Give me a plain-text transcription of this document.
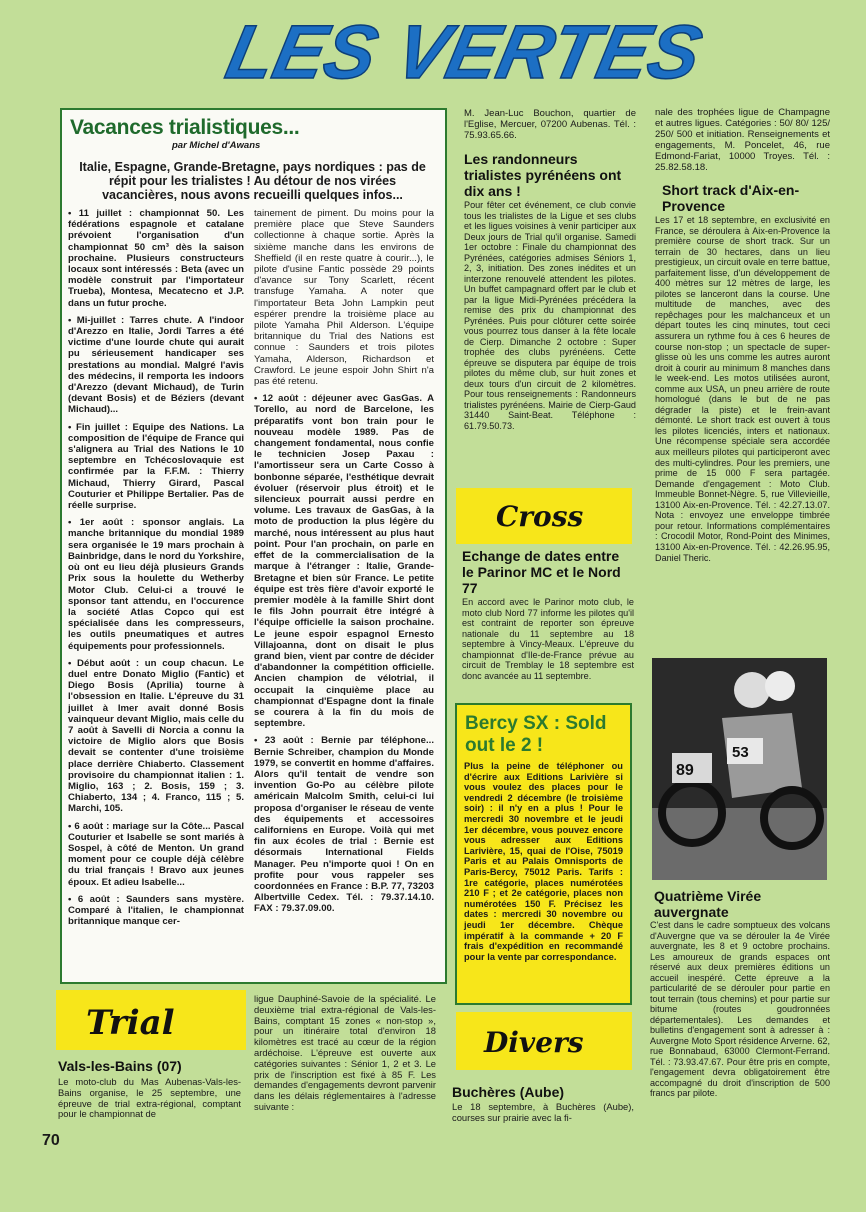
LES VERTES
Vacances trialistiques...
par Michel d'Awans
Italie, Espagne, Grande-Bretagne, pays nordiques : pas de répit pour les trialistes ! Au détour de nos virées vacancières, nous avons recueilli quelques infos...

• 11 juillet : championnat 50. Les fédérations espagnole et catalane prévoient l'organisation d'un championnat 50 cm³ dès la saison prochaine. Plusieurs constructeurs locaux sont intéressés : Beta (avec un modèle construit par l'importateur Trueba), Montesa, Mecatecno et J.P. dans un futur proche.

• Mi-juillet : Tarres chute. A l'indoor d'Arezzo en Italie, Jordi Tarres a été victime d'une lourde chute qui aurait pu sérieusement handicaper ses prestations au mondial. Malgré l'avis des médecins, il remporta les indoors d'Arezzo (devant Michaud), de Turin (devant Bosis) et de Béziers (devant Michaud)...

• Fin juillet : Equipe des Nations. La composition de l'équipe de France qui s'alignera au Trial des Nations le 10 septembre en Tchécoslovaquie est confirmée par la F.F.M. : Thierry Michaud, Thierry Girard, Pascal Couturier et Philippe Bertalier. Pas de réelle surprise.

• 1er août : sponsor anglais. La manche britannique du mondial 1989 sera organisée le 19 mars prochain à Bainbridge, dans le nord du Yorkshire, où ont eu lieu déjà plusieurs Grands Prix sous la houlette du Wetherby Motor Club. Celui-ci a trouvé le sponsor tant attendu, en l'occurence la société Atlas Copco qui est spécialisée dans les compresseurs, les outils pneumatiques et autres équipements pour professionnels.

• Début août : un coup chacun. Le duel entre Donato Miglio (Fantic) et Diego Bosis (Aprilia) tourne à l'obsession en Italie. L'épreuve du 31 juillet à Imer avait donné Bosis vainqueur devant Miglio, mais celle du 7 août à Savelli di Norcia a connu la victoire de Miglio alors que Bosis devait se contenter d'une troisième place derrière Chiaberto. Classement provisoire du championnat italien : 1. Miglio, 163 ; 2. Bosis, 159 ; 3. Chiaberto, 134 ; 4. Franco, 115 ; 5. Marchi, 105.

• 6 août : mariage sur la Côte... Pascal Couturier et Isabelle se sont mariés à Sospel, à côté de Menton. Un grand moment pour ce couple déjà célèbre du trial français ! Bravo aux jeunes époux. Et adieu Isabelle...

• 6 août : Saunders sans mystère. Comparé à l'italien, le championnat britannique manque cer-

tainement de piment. Du moins pour la première place que Steve Saunders collectionne à chaque sortie. Après la sixième manche dans les environs de Sheffield (il en reste quatre à courir...), le pilote d'usine Fantic possède 29 points d'avance sur Tony Scarlett, récent transfuge Yamaha. A noter que l'importateur Beta John Lampkin peut espérer prendre la troisième place au pilote Yamaha Phil Alderson. L'équipe britannique du Trial des Nations est connue : Saunders et trois pilotes Yamaha, Alderson, Richardson et Crawford. Le jeune espoir John Shirt n'a pas été retenu.

• 12 août : déjeuner avec GasGas. A Torello, au nord de Barcelone, les préparatifs vont bon train pour le nouveau modèle 1989. Pas de changement fondamental, nous confie le technicien Josep Paxau : l'amortisseur sera un Carte Cosso à bonbonne séparée, l'esthétique devrait évoluer (réservoir plus étroit) et le silencieux pourrait aussi perdre en volume. Les travaux de GasGas, à la moto de production la plus légère du marché, nous intéressent au plus haut point. Pour l'an prochain, on parle en effet de la commercialisation de la marque à l'étranger : Italie, Grande-Bretagne et bien sûr France. Le petite équipe est très fière d'avoir exporté le premier modèle à la famille Shirt dont le fils John pourrait être intégré à l'équipe officielle la saison prochaine. Le jeune espoir espagnol Ernesto Villajoanna, dont on disait le plus grand bien, vient par contre de décider d'abandonner la compétition officielle. Ancien champion de vélotrial, il occupait la cinquième place au championnat d'Espagne dont la finale se courera à la fin du mois de septembre.

• 23 août : Bernie par téléphone... Bernie Schreiber, champion du Monde 1979, se convertit en homme d'affaires. Alors qu'il tentait de vendre son invention Go-Po au célèbre pilote américain Malcolm Smith, celui-ci lui proposa d'organiser le réseau de vente des équipements et accessoires californiens en Europe. Voilà qui met fin aux écoles de trial : Bernie est désormais International Fields Manager. Peu n'importe quoi ! On en profite pour vous rappeler ses coordonnées en France : B.P. 77, 73203 Albertville Cedex. Tél. : 79.37.14.10. FAX : 79.37.09.00.

Trial
Vals-les-Bains (07)
Le moto-club du Mas Aubenas-Vals-les-Bains organise, le 25 septembre, une épreuve de trial extra-régional, comptant pour le championnat de
ligue Dauphiné-Savoie de la spécialité. Le deuxième trial extra-régional de Vals-les-Bains, comptant 15 zones « non-stop », pour un itinéraire total d'environ 18 kilomètres est tracé au cœur de la région ardéchoise. L'épreuve est ouverte aux catégories suivantes : Sénior 1, 2 et 3. Le prix de l'inscription est fixé à 85 F. Les demandes d'engagements devront parvenir dans les délais réglementaires à l'adresse suivante :
M. Jean-Luc Bouchon, quartier de l'Eglise, Mercuer, 07200 Aubenas. Tél. : 75.93.65.66.
Les randonneurs trialistes pyrénéens ont dix ans !
Pour fêter cet événement, ce club convie tous les trialistes de la Ligue et ses clubs et les ligues voisines à venir participer aux Deux jours de Trial qu'il organise. Samedi 1er octobre : Finale du championnat des Pyrénées, catégories admises Séniors 1, 2, 3, initiation. Des zones inédites et un interzone renouvelé attendent les pilotes. Un buffet campagnard offert par le club et par la ligue Midi-Pyrénées précédera la remise des prix du championnat des Pyrénées. Puis pour clôturer cette soirée vous pourrez tous danser à la fête locale de Cierp. Dimanche 2 octobre : Super trophée des clubs pyrénéens. Cette épreuve se disputera par équipe de trois pilotes du même club, sur huit zones et deux tours d'un circuit de 2 kilomètres. Pour tous renseignements : Randonneurs trialistes pyrénéens. Mairie de Cierp-Gaud 31440 Saint-Beat. Téléphone : 61.79.50.73.
Cross
Echange de dates entre le Parinor MC et le Nord 77
En accord avec le Parinor moto club, le moto club Nord 77 informe les pilotes qu'il est contraint de reporter son épreuve nationale du 11 septembre au 18 septembre à Vincy-Meaux. L'épreuve du championnat d'Ile-de-France prévue au circuit de Tremblay le 18 septembre est donc avancée au 11 septembre.
Bercy SX : Sold out le 2 !
Plus la peine de téléphoner ou d'écrire aux Editions Larivière si vous voulez des places pour le vendredi 2 décembre (le troisième soir) : il n'y en a plus ! Pour le mercredi 30 novembre et le jeudi 1er décembre, vous pouvez encore vous adresser aux Editions Larivière, 15, quai de l'Oise, 75019 Paris et au Palais Omnisports de Paris-Bercy, 75012 Paris. Tarifs : 1re catégorie, places numérotées 210 F ; et 2e catégorie, places non numérotées 150 F. Précisez les dates : mercredi 30 novembre ou jeudi 1er décembre. Chèque impératif à la commande + 20 F frais d'expédition en recommandé pour la vente par correspondance.
Divers
Buchères (Aube)
Le 18 septembre, à Buchères (Aube), courses sur prairie avec la fi-
nale des trophées ligue de Champagne et autres ligues. Catégories : 50/ 80/ 125/ 250/ 500 et initiation. Renseignements et engagements, M. Poncelet, 46, rue Edmond-Fariat, 10000 Troyes. Tél. : 25.82.58.18.
Short track d'Aix-en-Provence
Les 17 et 18 septembre, en exclusivité en France, se déroulera à Aix-en-Provence la première course de short track. Sur un terrain de 30 hectares, dans un lieu prestigieux, un circuit ovale en terre battue, parfaitement lisse, d'un développement de 400 mètres sur 12 mètres de large, les pilotes se lanceront dans la course. Une multitude de manches, avec des repêchages pour les malchanceux et un départ toutes les cinq minutes, tout ceci assurera un rythme fou à ces 6 heures de course non-stop ; un spectacle de super-glisse où les uns comme les autres auront droit à courir au minimum 8 manches dans le week-end. Les motos utilisées auront, comme aux USA, un pneu arrière de route homologué (dans le but de ne pas dégrader la piste) et le frein-avant démonté. Le short track est ouvert à tous les pilotes licenciés, inters et nationaux. Une récompense spéciale sera accordée aux meilleurs pilotes qui participeront avec des multi-cylindres. Pour les premiers, une prime de 15 000 F sera partagée. Demande d'engagement : Moto Club. Immeuble Bonnet-Nègre. 5, rue Villevieille, 13100 Aix-en-Provence. Tél. : 42.27.13.07. Nota : envoyez une enveloppe timbrée pour retour. Informations complémentaires : Crocodil Motor, Rond-Point des Minimes, 13100 Aix-en-Provence. Tél. : 42.26.95.95, Daniel Theric.
89
53
Quatrième Virée auvergnate
C'est dans le cadre somptueux des volcans d'Auvergne que va se dérouler la 4e Virée auvergnate, les 8 et 9 octobre prochains. Les amoureux de grands espaces ont réservé aux deux premières éditions un accueil inespéré. Cette épreuve a la particularité de se dérouler pour partie en tout terrain (tous chemins) et pour partie sur bitume (routes goudronnées départementales). Les demandes et bulletins d'engagement sont à adresser à : Auvergne Moto Sport résidence Arverne. 62, rue Bonnabaud, 63000 Clermont-Ferrand. Tél. : 73.93.47.67. Pour être pris en compte, l'engagement devra obligatoirement être accompagné du droit d'inscription de 500 francs par pilote.
70
